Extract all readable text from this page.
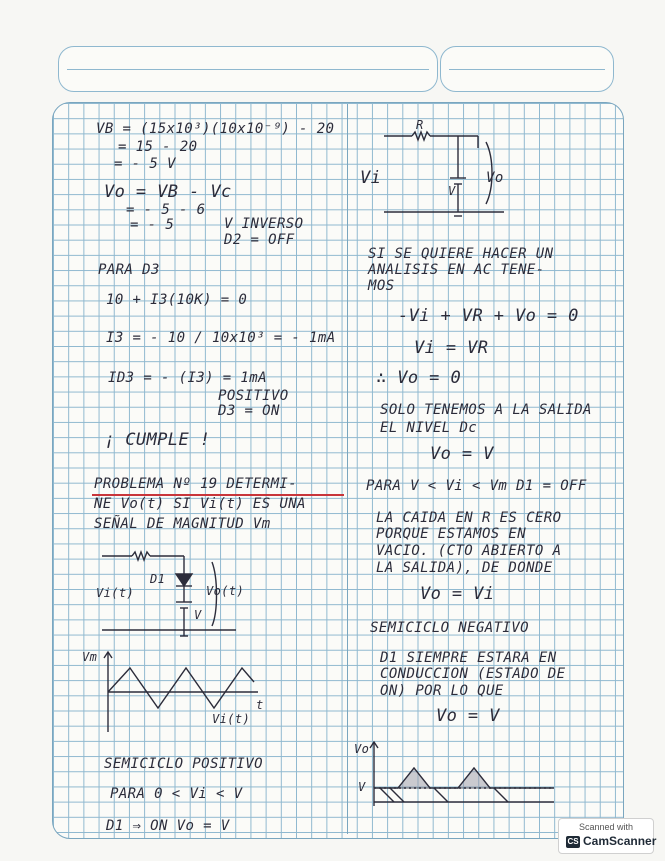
VB = (15x10³)(10x10⁻⁹) - 20
= 15 - 20
= - 5 V
Vo = VB - Vc
= - 5 - 6
= - 5	V INVERSO
D2 = OFF
PARA D3
10 + I3(10K) = 0
I3 = - 10 / 10x10³ = - 1mA
ID3 = - (I3) = 1mA
POSITIVO
D3 = ON
¡ CUMPLE !
PROBLEMA Nº 19 DETERMI-
NE Vo(t) SI Vi(t) ES UNA
SEÑAL DE MAGNITUD Vm
D1
Vi(t)	Vo(t)
V
Vm
t
Vi(t)
SEMICICLO POSITIVO
PARA 0 < Vi < V
D1 ⇒ ON Vo = V
R
Vi	Vo
V
SI SE QUIERE HACER UN
ANALISIS EN AC TENE-
MOS
-Vi + VR + Vo = 0
Vi = VR
∴ Vo = 0
SOLO TENEMOS A LA SALIDA
EL NIVEL Dc
Vo = V
PARA V < Vi < Vm D1 = OFF
LA CAIDA EN R ES CERO
PORQUE ESTAMOS EN
VACIO. (CTO ABIERTO A
LA SALIDA), DE DONDE
Vo = Vi
SEMICICLO NEGATIVO
D1 SIEMPRE ESTARA EN
CONDUCCION (ESTADO DE
ON) POR LO QUE
Vo = V
Vo
V
Scanned with
CS CamScanner
